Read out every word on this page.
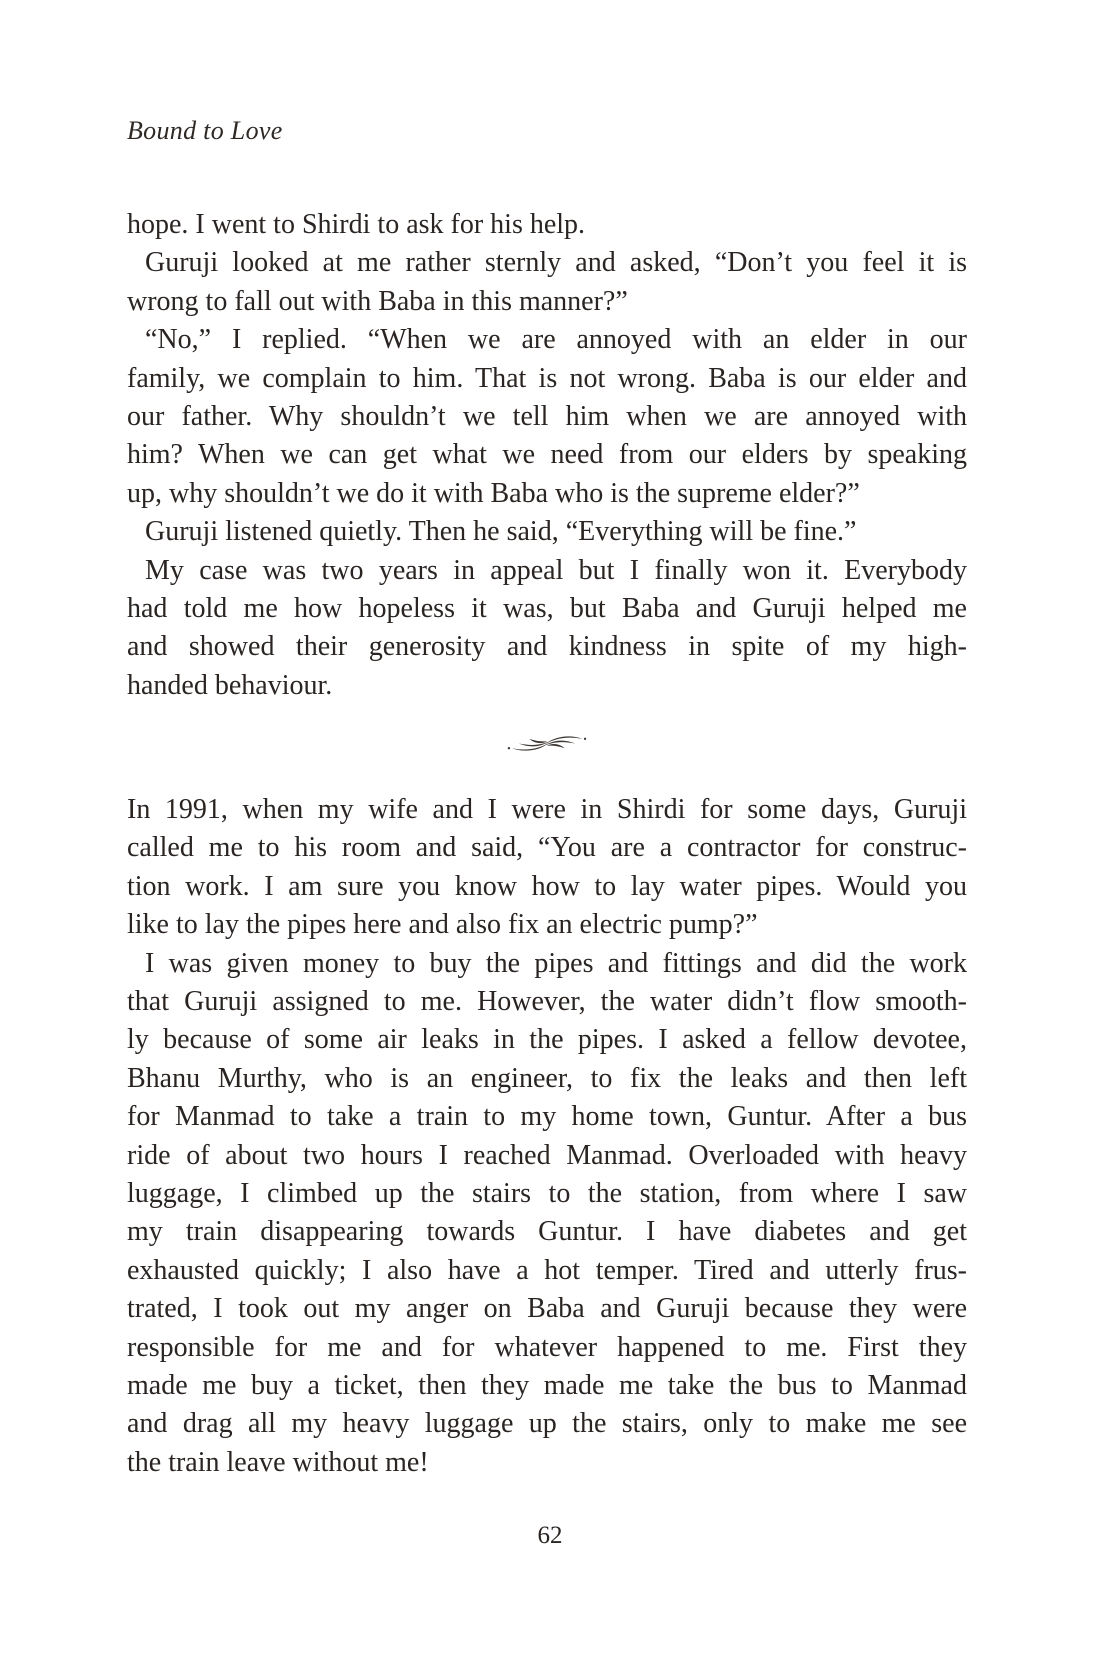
Bound to Love
hope. I went to Shirdi to ask for his help.
Guruji looked at me rather sternly and asked, “Don’t you feel it is
wrong to fall out with Baba in this manner?”
“No,” I replied. “When we are annoyed with an elder in our
family, we complain to him. That is not wrong. Baba is our elder and
our father. Why shouldn’t we tell him when we are annoyed with
him? When we can get what we need from our elders by speaking
up, why shouldn’t we do it with Baba who is the supreme elder?”
Guruji listened quietly. Then he said, “Everything will be fine.”
My case was two years in appeal but I finally won it. Everybody
had told me how hopeless it was, but Baba and Guruji helped me
and showed their generosity and kindness in spite of my high-
handed behaviour.
In 1991, when my wife and I were in Shirdi for some days, Guruji
called me to his room and said, “You are a contractor for construc-
tion work. I am sure you know how to lay water pipes. Would you
like to lay the pipes here and also fix an electric pump?”
I was given money to buy the pipes and fittings and did the work
that Guruji assigned to me. However, the water didn’t flow smooth-
ly because of some air leaks in the pipes. I asked a fellow devotee,
Bhanu Murthy, who is an engineer, to fix the leaks and then left
for Manmad to take a train to my home town, Guntur. After a bus
ride of about two hours I reached Manmad. Overloaded with heavy
luggage, I climbed up the stairs to the station, from where I saw
my train disappearing towards Guntur. I have diabetes and get
exhausted quickly; I also have a hot temper. Tired and utterly frus-
trated, I took out my anger on Baba and Guruji because they were
responsible for me and for whatever happened to me. First they
made me buy a ticket, then they made me take the bus to Manmad
and drag all my heavy luggage up the stairs, only to make me see
the train leave without me!
62
